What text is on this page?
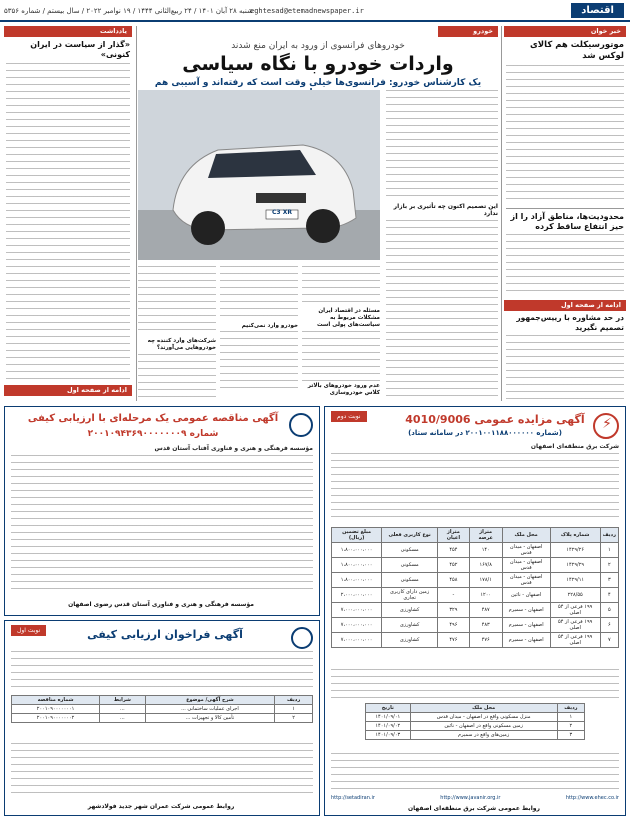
اقتصاد
eghtesad@etemadnewspaper.ir
شنبه ۲۸ آبان ۱۴۰۱ / ۲۴ ربیع‌الثانی ۱۴۴۴ / ۱۹ نوامبر ۲۰۲۲ / سال بیستم / شماره ۵۳۵۶
خبر خوان
موتورسیکلت هم کالای لوکس شد
محدودیت‌ها، مناطق آزاد را از حیز انتفاع ساقط کرده
ادامه از صفحه اول
در حد مشاوره با رییس‌جمهور تصمیم نگیرید
خودرو
خودروهای فرانسوی از ورود به ایران منع شدند
واردات خودرو با نگاه سیاسی
یک کارشناس خودرو: فرانسوی‌ها خیلی وقت است که رفته‌اند و آسیبی هم
این تصمیم اکنون چه تأثیری بر بازار ندارد
C3 XR
مسئله در اقتصاد ایران مشکلات مربوط به سیاست‌های پولی است
عدم ورود خودروهای بالاتر کلاس خودروسازی
خودرو وارد نمی‌کنیم
شرکت‌های وارد کننده چه خودروهایی می‌آورند؟
یادداشت
«گذار از سیاست در ایران کنونی»
ادامه از صفحه اول
⚡
آگهی مزایده عمومی 4010/9006
نوبت دوم
(شماره ۲۰۰۱۰۰۱۱۸۸۰۰۰۰۰۰ در سامانه ستاد)
شرکت برق منطقه‌ای اصفهان
ردیف	شماره پلاک	محل ملک	متراژ عرصه	متراژ اعیان	نوع کاربری فعلی	مبلغ تضمین (ریال)
۱	۱۴۲۹/۲۶	اصفهان - میدان قدس	۱۴۰	۴۵۴	مسکونی	۱،۸۰۰،۰۰۰،۰۰۰
۲	۱۴۲۹/۲۹	اصفهان - میدان قدس	۱۶۷/۸	۴۵۲	مسکونی	۱،۸۰۰،۰۰۰،۰۰۰
۳	۱۴۲۹/۱۱	اصفهان - میدان قدس	۱۷۸/۱	۴۵۸	مسکونی	۱،۸۰۰،۰۰۰،۰۰۰
۴	۲۲۸/۵۵	اصفهان - نائین	۱۲۰۰	-	زمین دارای کاربری تجاری	۲،۰۰۰،۰۰۰،۰۰۰
۵	۱۹۹ فرعی از ۵۴ اصلی	اصفهان - سمیرم	۴۸۷	۳۲۹	کشاورزی	۷،۰۰۰،۰۰۰،۰۰۰
۶	۱۹۹ فرعی از ۵۴ اصلی	اصفهان - سمیرم	۴۸۳	۴۹۶	کشاورزی	۷،۰۰۰،۰۰۰،۰۰۰
۷	۱۹۹ فرعی از ۵۴ اصلی	اصفهان - سمیرم	۴۷۶	۴۷۶	کشاورزی	۷،۰۰۰،۰۰۰،۰۰۰
ردیف	محل ملک	تاریخ
۱	منزل مسکونی واقع در اصفهان - میدان قدس	۱۴۰۱/۰۹/۰۱
۲	زمین مسکونی واقع در اصفهان - نائین	۱۴۰۱/۰۹/۰۲
۳	زمین‌های واقع در سمیرم	۱۴۰۱/۰۹/۰۳
http://setadiran.ir	http://www.javanir.org.ir	http://www.ehec.co.ir
روابط عمومی شرکت برق منطقه‌ای اصفهان
آگهی مناقصه عمومی یک مرحله‌ای با ارزیابی کیفی
شماره ۲۰۰۱۰۹۴۳۶۹۰۰۰۰۰۰۰۹
مؤسسه فرهنگی و هنری و فناوری آفتاب آستان قدس
مؤسسه فرهنگی و هنری و فناوری آستان قدس رضوی اصفهان
نوبت اول	آگهی فراخوان ارزیابی کیفی
ردیف	شرح آگهی/ موضوع	شرایط	شماره مناقصه
۱	اجرای عملیات ساختمانی ...	...	۲۰۰۱۰۹۰۰۰۰۰۰۰۱
۲	تأمین کالا و تجهیزات ...	...	۲۰۰۱۰۹۰۰۰۰۰۰۰۲
روابط عمومی شرکت عمران شهر جدید فولادشهر
